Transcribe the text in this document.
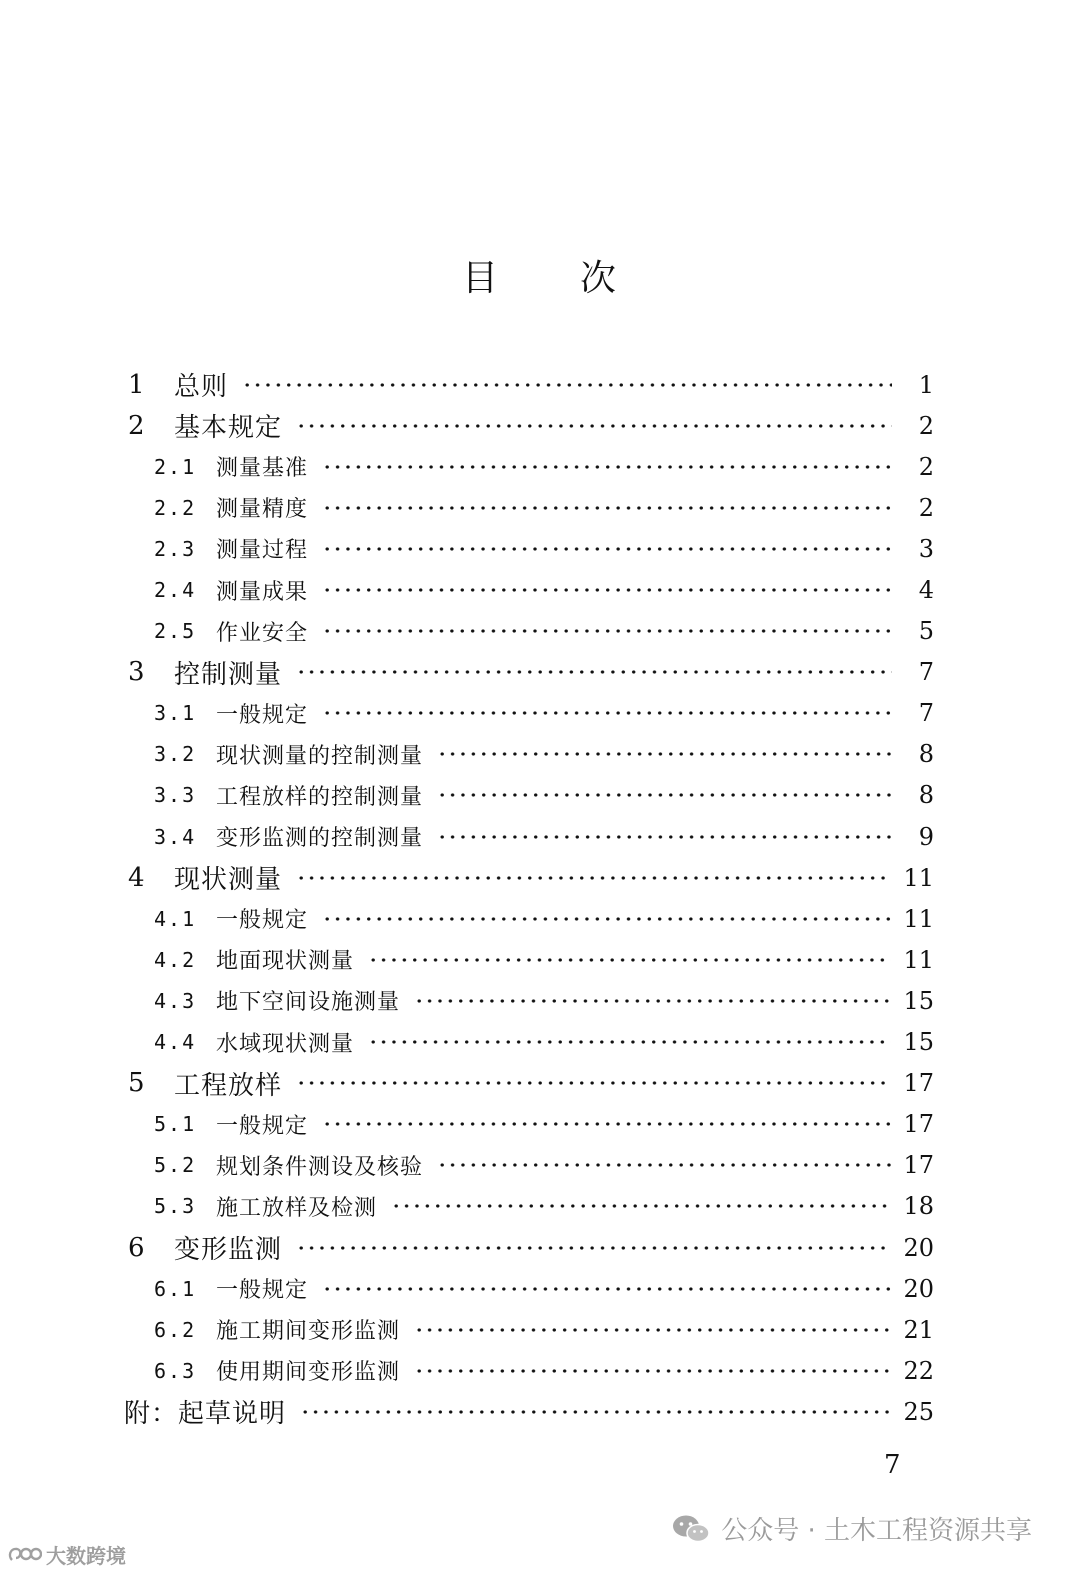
目 次
1	总则	1
2	基本规定	2
2.1 测量基准	2
2.2 测量精度	2
2.3 测量过程	3
2.4 测量成果	4
2.5 作业安全	5
3	控制测量	7
3.1 一般规定	7
3.2 现状测量的控制测量	8
3.3 工程放样的控制测量	8
3.4 变形监测的控制测量	9
4	现状测量	11
4.1 一般规定	11
4.2 地面现状测量	11
4.3 地下空间设施测量	15
4.4 水域现状测量	15
5	工程放样	17
5.1 一般规定	17
5.2 规划条件测设及核验	17
5.3 施工放样及检测	18
6	变形监测	20
6.1 一般规定	20
6.2 施工期间变形监测	21
6.3 使用期间变形监测	22
附：起草说明	25
7
公众号 · 土木工程资源共享
大数跨境
